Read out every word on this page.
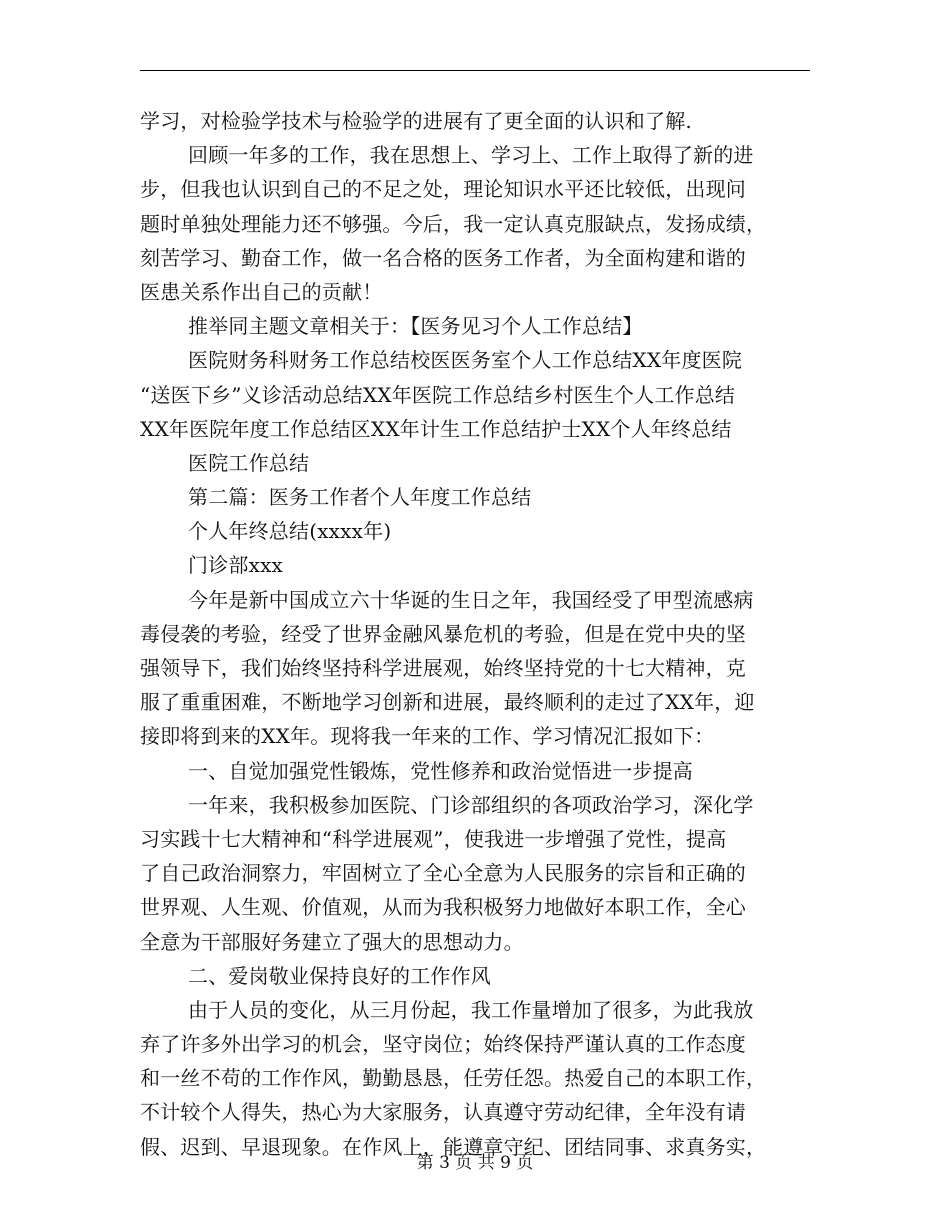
学习，对检验学技术与检验学的进展有了更全面的认识和了解.
回顾一年多的工作，我在思想上、学习上、工作上取得了新的进
步，但我也认识到自己的不足之处，理论知识水平还比较低，出现问
题时单独处理能力还不够强。今后，我一定认真克服缺点，发扬成绩，
刻苦学习、勤奋工作，做一名合格的医务工作者，为全面构建和谐的
医患关系作出自己的贡献！
推举同主题文章相关于：【医务见习个人工作总结】
医院财务科财务工作总结校医医务室个人工作总结XX年度医院
“送医下乡”义诊活动总结XX年医院工作总结乡村医生个人工作总结
XX年医院年度工作总结区XX年计生工作总结护士XX个人年终总结
医院工作总结
第二篇：医务工作者个人年度工作总结
个人年终总结(xxxx年)
门诊部xxx
今年是新中国成立六十华诞的生日之年，我国经受了甲型流感病
毒侵袭的考验，经受了世界金融风暴危机的考验，但是在党中央的坚
强领导下，我们始终坚持科学进展观，始终坚持党的十七大精神，克
服了重重困难，不断地学习创新和进展，最终顺利的走过了XX年，迎
接即将到来的XX年。现将我一年来的工作、学习情况汇报如下：
一、自觉加强党性锻炼，党性修养和政治觉悟进一步提高
一年来，我积极参加医院、门诊部组织的各项政治学习，深化学
习实践十七大精神和“科学进展观”，使我进一步增强了党性，提高
了自己政治洞察力，牢固树立了全心全意为人民服务的宗旨和正确的
世界观、人生观、价值观，从而为我积极努力地做好本职工作，全心
全意为干部服好务建立了强大的思想动力。
二、爱岗敬业保持良好的工作作风
由于人员的变化，从三月份起，我工作量增加了很多，为此我放
弃了许多外出学习的机会，坚守岗位；始终保持严谨认真的工作态度
和一丝不苟的工作作风，勤勤恳恳，任劳任怨。热爱自己的本职工作，
不计较个人得失，热心为大家服务，认真遵守劳动纪律，全年没有请
假、迟到、早退现象。在作风上，能遵章守纪、团结同事、求真务实，
第 3 页 共 9 页
